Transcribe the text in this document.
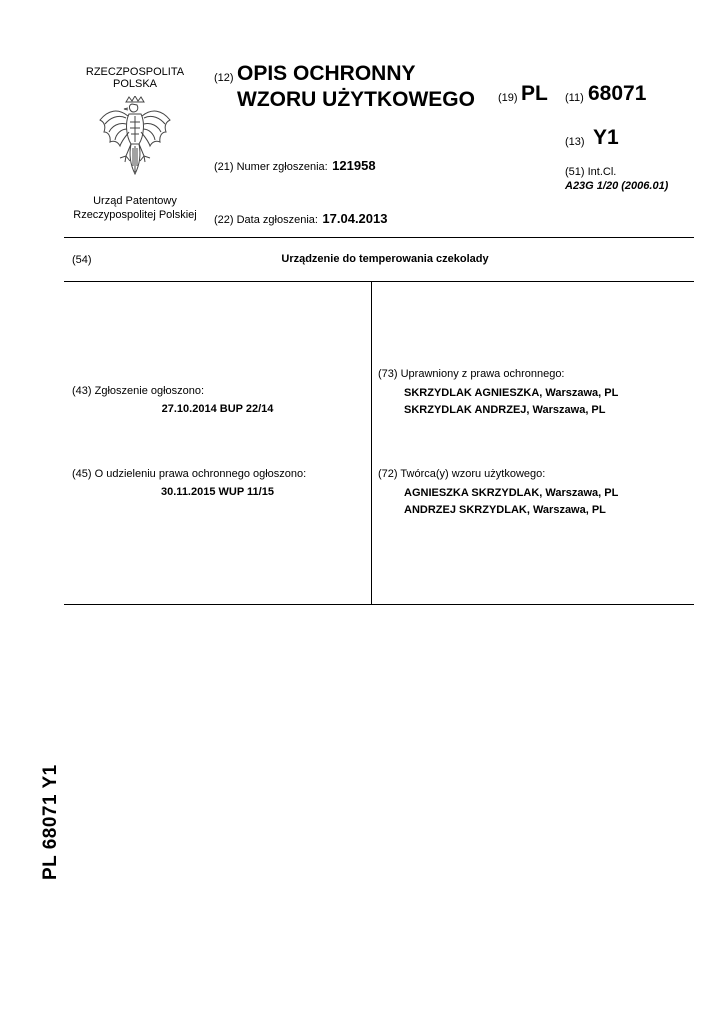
RZECZPOSPOLITA
POLSKA
Urząd Patentowy
Rzeczypospolitej Polskiej
(12) OPIS OCHRONNY
WZORU UŻYTKOWEGO (19) PL (11) 68071
(13) Y1
(51) Int.Cl.
A23G 1/20 (2006.01)
(21) Numer zgłoszenia: 121958
(22) Data zgłoszenia: 17.04.2013
(54)	Urządzenie do temperowania czekolady
(43) Zgłoszenie ogłoszono:
27.10.2014 BUP 22/14
(45) O udzieleniu prawa ochronnego ogłoszono:
30.11.2015 WUP 11/15
(73) Uprawniony z prawa ochronnego:
SKRZYDLAK AGNIESZKA, Warszawa, PL
SKRZYDLAK ANDRZEJ, Warszawa, PL
(72) Twórca(y) wzoru użytkowego:
AGNIESZKA SKRZYDLAK, Warszawa, PL
ANDRZEJ SKRZYDLAK, Warszawa, PL
PL 68071 Y1
